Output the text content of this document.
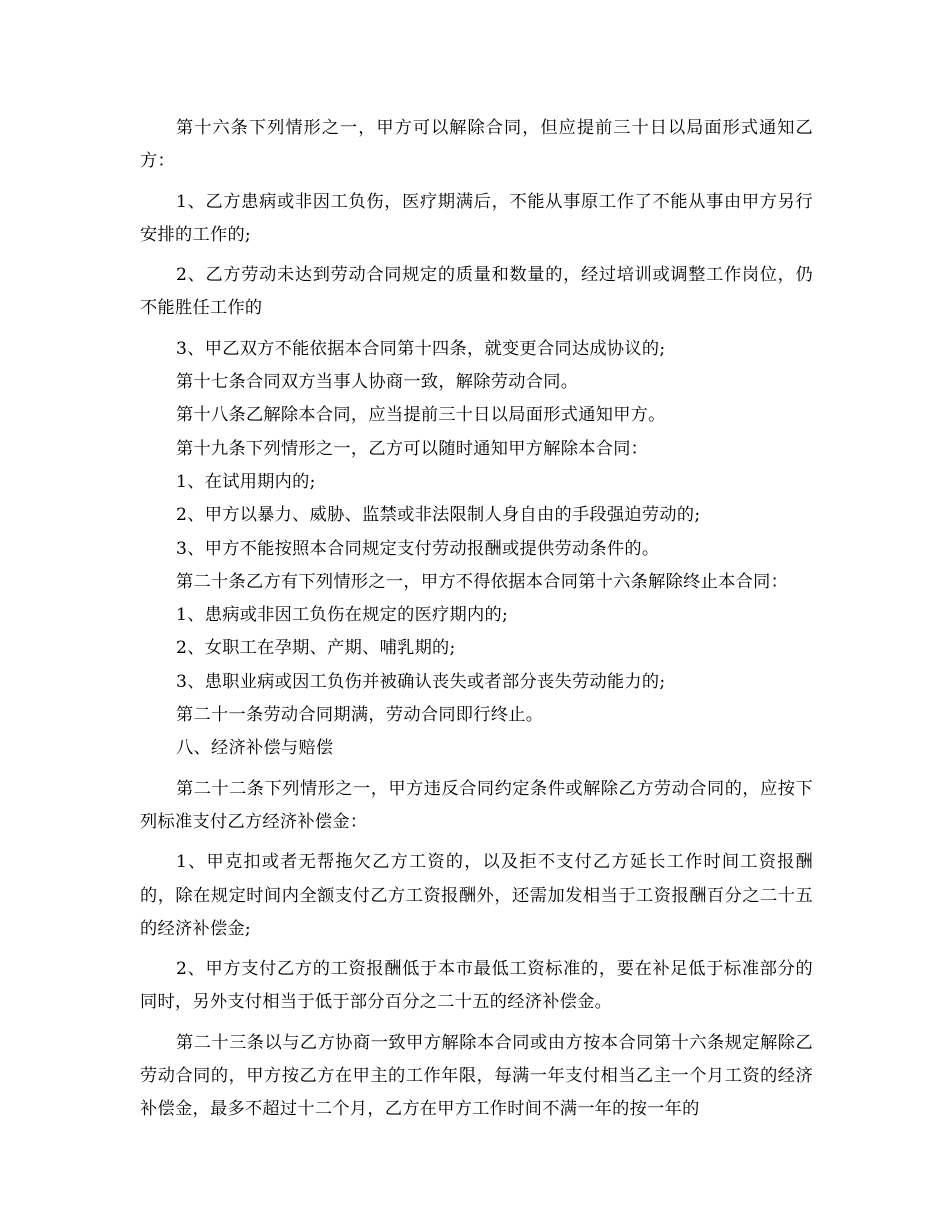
第十六条下列情形之一，甲方可以解除合同，但应提前三十日以局面形式通知乙方：

1、乙方患病或非因工负伤，医疗期满后，不能从事原工作了不能从事由甲方另行安排的工作的;

2、乙方劳动未达到劳动合同规定的质量和数量的，经过培训或调整工作岗位，仍不能胜任工作的

3、甲乙双方不能依据本合同第十四条，就变更合同达成协议的;

第十七条合同双方当事人协商一致，解除劳动合同。

第十八条乙解除本合同，应当提前三十日以局面形式通知甲方。

第十九条下列情形之一，乙方可以随时通知甲方解除本合同：

1、在试用期内的;

2、甲方以暴力、威胁、监禁或非法限制人身自由的手段强迫劳动的;

3、甲方不能按照本合同规定支付劳动报酬或提供劳动条件的。

第二十条乙方有下列情形之一，甲方不得依据本合同第十六条解除终止本合同：

1、患病或非因工负伤在规定的医疗期内的;

2、女职工在孕期、产期、哺乳期的;

3、患职业病或因工负伤并被确认丧失或者部分丧失劳动能力的;

第二十一条劳动合同期满，劳动合同即行终止。

八、经济补偿与赔偿

第二十二条下列情形之一，甲方违反合同约定条件或解除乙方劳动合同的，应按下列标准支付乙方经济补偿金：

1、甲克扣或者无帮拖欠乙方工资的，以及拒不支付乙方延长工作时间工资报酬的，除在规定时间内全额支付乙方工资报酬外，还需加发相当于工资报酬百分之二十五的经济补偿金;

2、甲方支付乙方的工资报酬低于本市最低工资标准的，要在补足低于标准部分的同时，另外支付相当于低于部分百分之二十五的经济补偿金。

第二十三条以与乙方协商一致甲方解除本合同或由方按本合同第十六条规定解除乙劳动合同的，甲方按乙方在甲主的工作年限，每满一年支付相当乙主一个月工资的经济补偿金，最多不超过十二个月，乙方在甲方工作时间不满一年的按一年的
